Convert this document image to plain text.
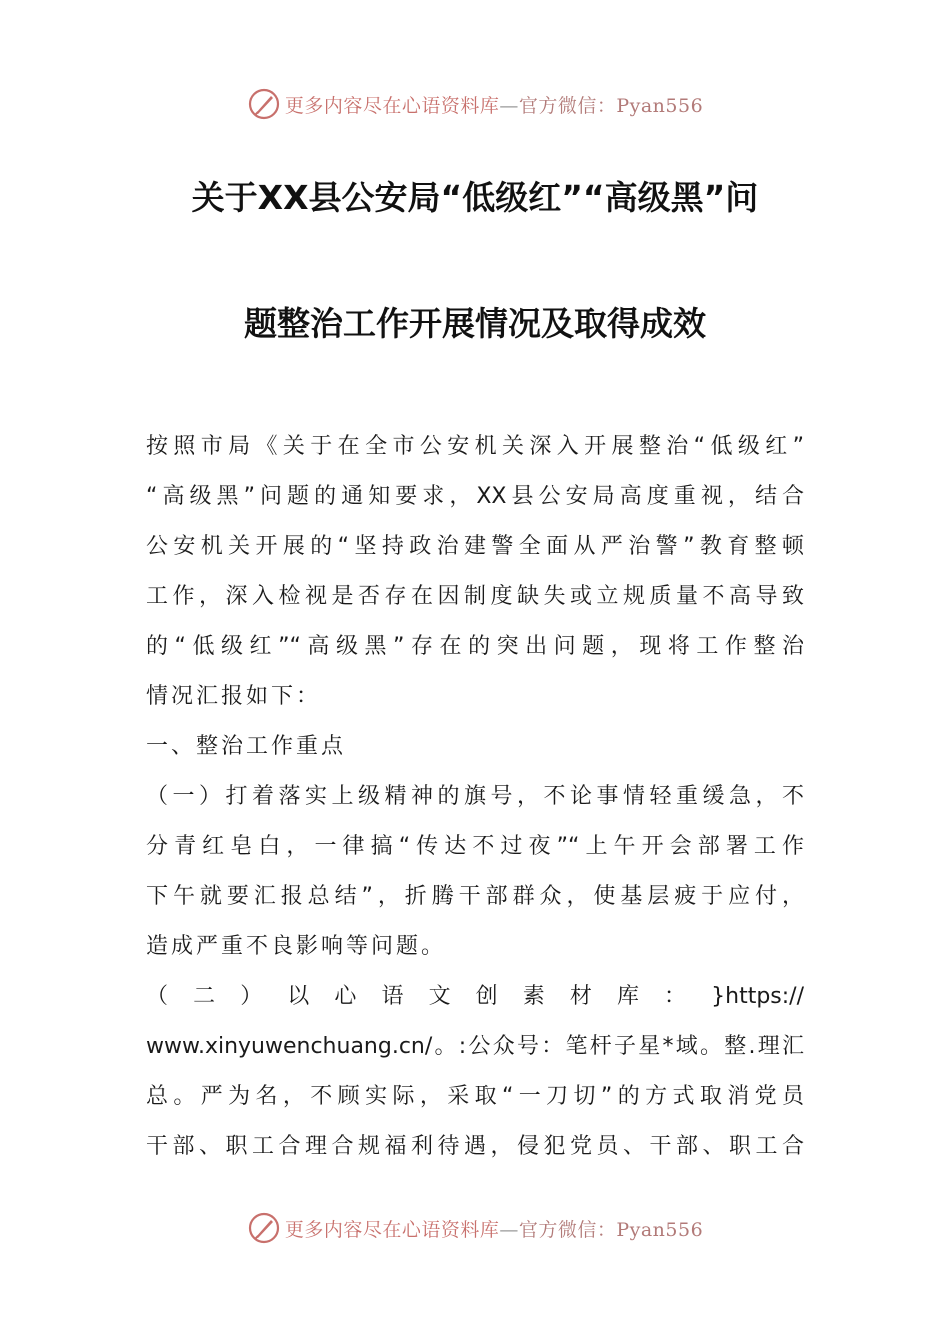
更多内容尽在心语资料库—官方微信：Pyan556
关于XX县公安局“低级红”“高级黑”问
题整治工作开展情况及取得成效
按照市局《关于在全市公安机关深入开展整治“低级红”
“高级黑”问题的通知要求，XX县公安局高度重视，结合
公安机关开展的“坚持政治建警全面从严治警”教育整顿
工作，深入检视是否存在因制度缺失或立规质量不高导致
的“低级红”“高级黑”存在的突出问题，现将工作整治
情况汇报如下：
一、整治工作重点
（一）打着落实上级精神的旗号，不论事情轻重缓急，不
分青红皂白，一律搞“传达不过夜”“上午开会部署工作
下午就要汇报总结”，折腾干部群众，使基层疲于应付，
造成严重不良影响等问题。
（ 二 ） 以 心 语 文 创 素 材 库 ： }https://
www.xinyuwenchuang.cn/。:公众号：笔杆子星*域。整.理汇
总。严为名，不顾实际，采取“一刀切”的方式取消党员
干部、职工合理合规福利待遇，侵犯党员、干部、职工合
更多内容尽在心语资料库—官方微信：Pyan556
